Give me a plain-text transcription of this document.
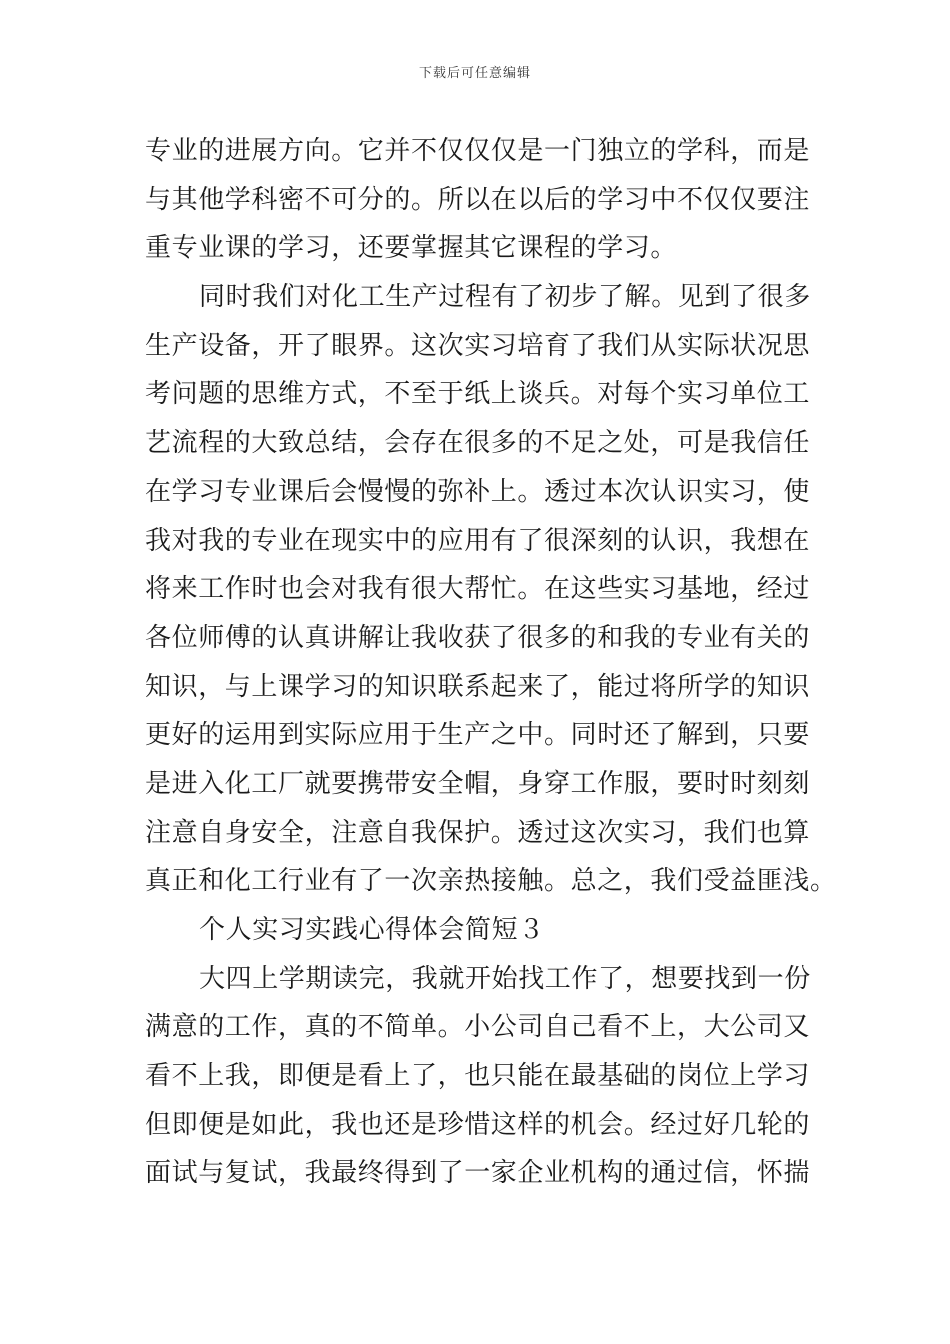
下载后可任意编辑
专业的进展方向。它并不仅仅仅是一门独立的学科，而是
与其他学科密不可分的。所以在以后的学习中不仅仅要注
重专业课的学习，还要掌握其它课程的学习。
同时我们对化工生产过程有了初步了解。见到了很多
生产设备，开了眼界。这次实习培育了我们从实际状况思
考问题的思维方式，不至于纸上谈兵。对每个实习单位工
艺流程的大致总结，会存在很多的不足之处，可是我信任
在学习专业课后会慢慢的弥补上。透过本次认识实习，使
我对我的专业在现实中的应用有了很深刻的认识，我想在
将来工作时也会对我有很大帮忙。在这些实习基地，经过
各位师傅的认真讲解让我收获了很多的和我的专业有关的
知识，与上课学习的知识联系起来了，能过将所学的知识
更好的运用到实际应用于生产之中。同时还了解到，只要
是进入化工厂就要携带安全帽，身穿工作服，要时时刻刻
注意自身安全，注意自我保护。透过这次实习，我们也算
真正和化工行业有了一次亲热接触。总之，我们受益匪浅。
个人实习实践心得体会简短３
大四上学期读完，我就开始找工作了，想要找到一份
满意的工作，真的不简单。小公司自己看不上，大公司又
看不上我，即便是看上了，也只能在最基础的岗位上学习
但即便是如此，我也还是珍惜这样的机会。经过好几轮的
面试与复试，我最终得到了一家企业机构的通过信，怀揣
